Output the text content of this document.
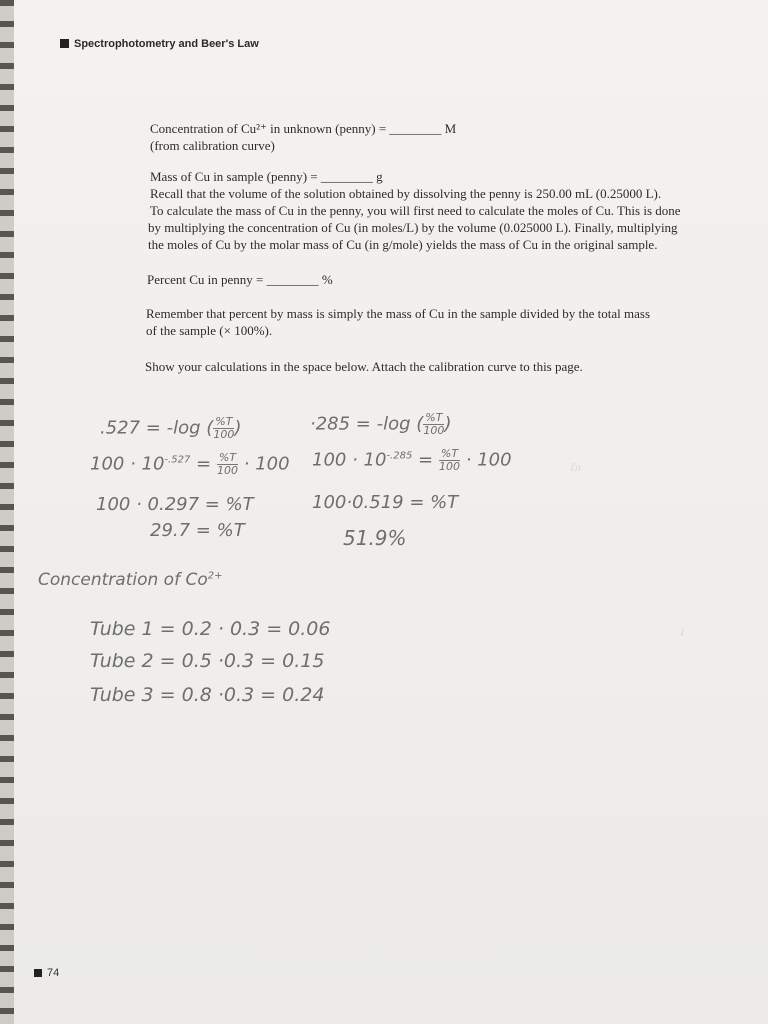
Spectrophotometry and Beer's Law
Concentration of Cu²⁺ in unknown (penny) = ________ M
(from calibration curve)
Mass of Cu in sample (penny) = ________ g
Recall that the volume of the solution obtained by dissolving the penny is 250.00 mL (0.25000 L).
To calculate the mass of Cu in the penny, you will first need to calculate the moles of Cu. This is done
by multiplying the concentration of Cu (in moles/L) by the volume (0.025000 L). Finally, multiplying
the moles of Cu by the molar mass of Cu (in g/mole) yields the mass of Cu in the original sample.
Percent Cu in penny = ________ %
Remember that percent by mass is simply the mass of Cu in the sample divided by the total mass
of the sample (× 100%).
Show your calculations in the space below. Attach the calibration curve to this page.
ℓn
I
.527 = -log ( $\frac{\%T}{100}$ )
$100 \cdot 10^{-.527} = \frac{\%T}{100} \cdot 100$
100 · 0.297 = %T
29.7 = %T
·285 = -log ( $\frac{\%T}{100}$ )
$100 \cdot 10^{-.285} = \frac{\%T}{100} \cdot 100$
100·0.519 = %T
51.9%
Concentration of $Co^{2+}$
Tube 1 = 0.2 · 0.3 = 0.06
Tube 2 = 0.5 ·0.3 = 0.15
Tube 3 = 0.8 ·0.3 = 0.24
74
